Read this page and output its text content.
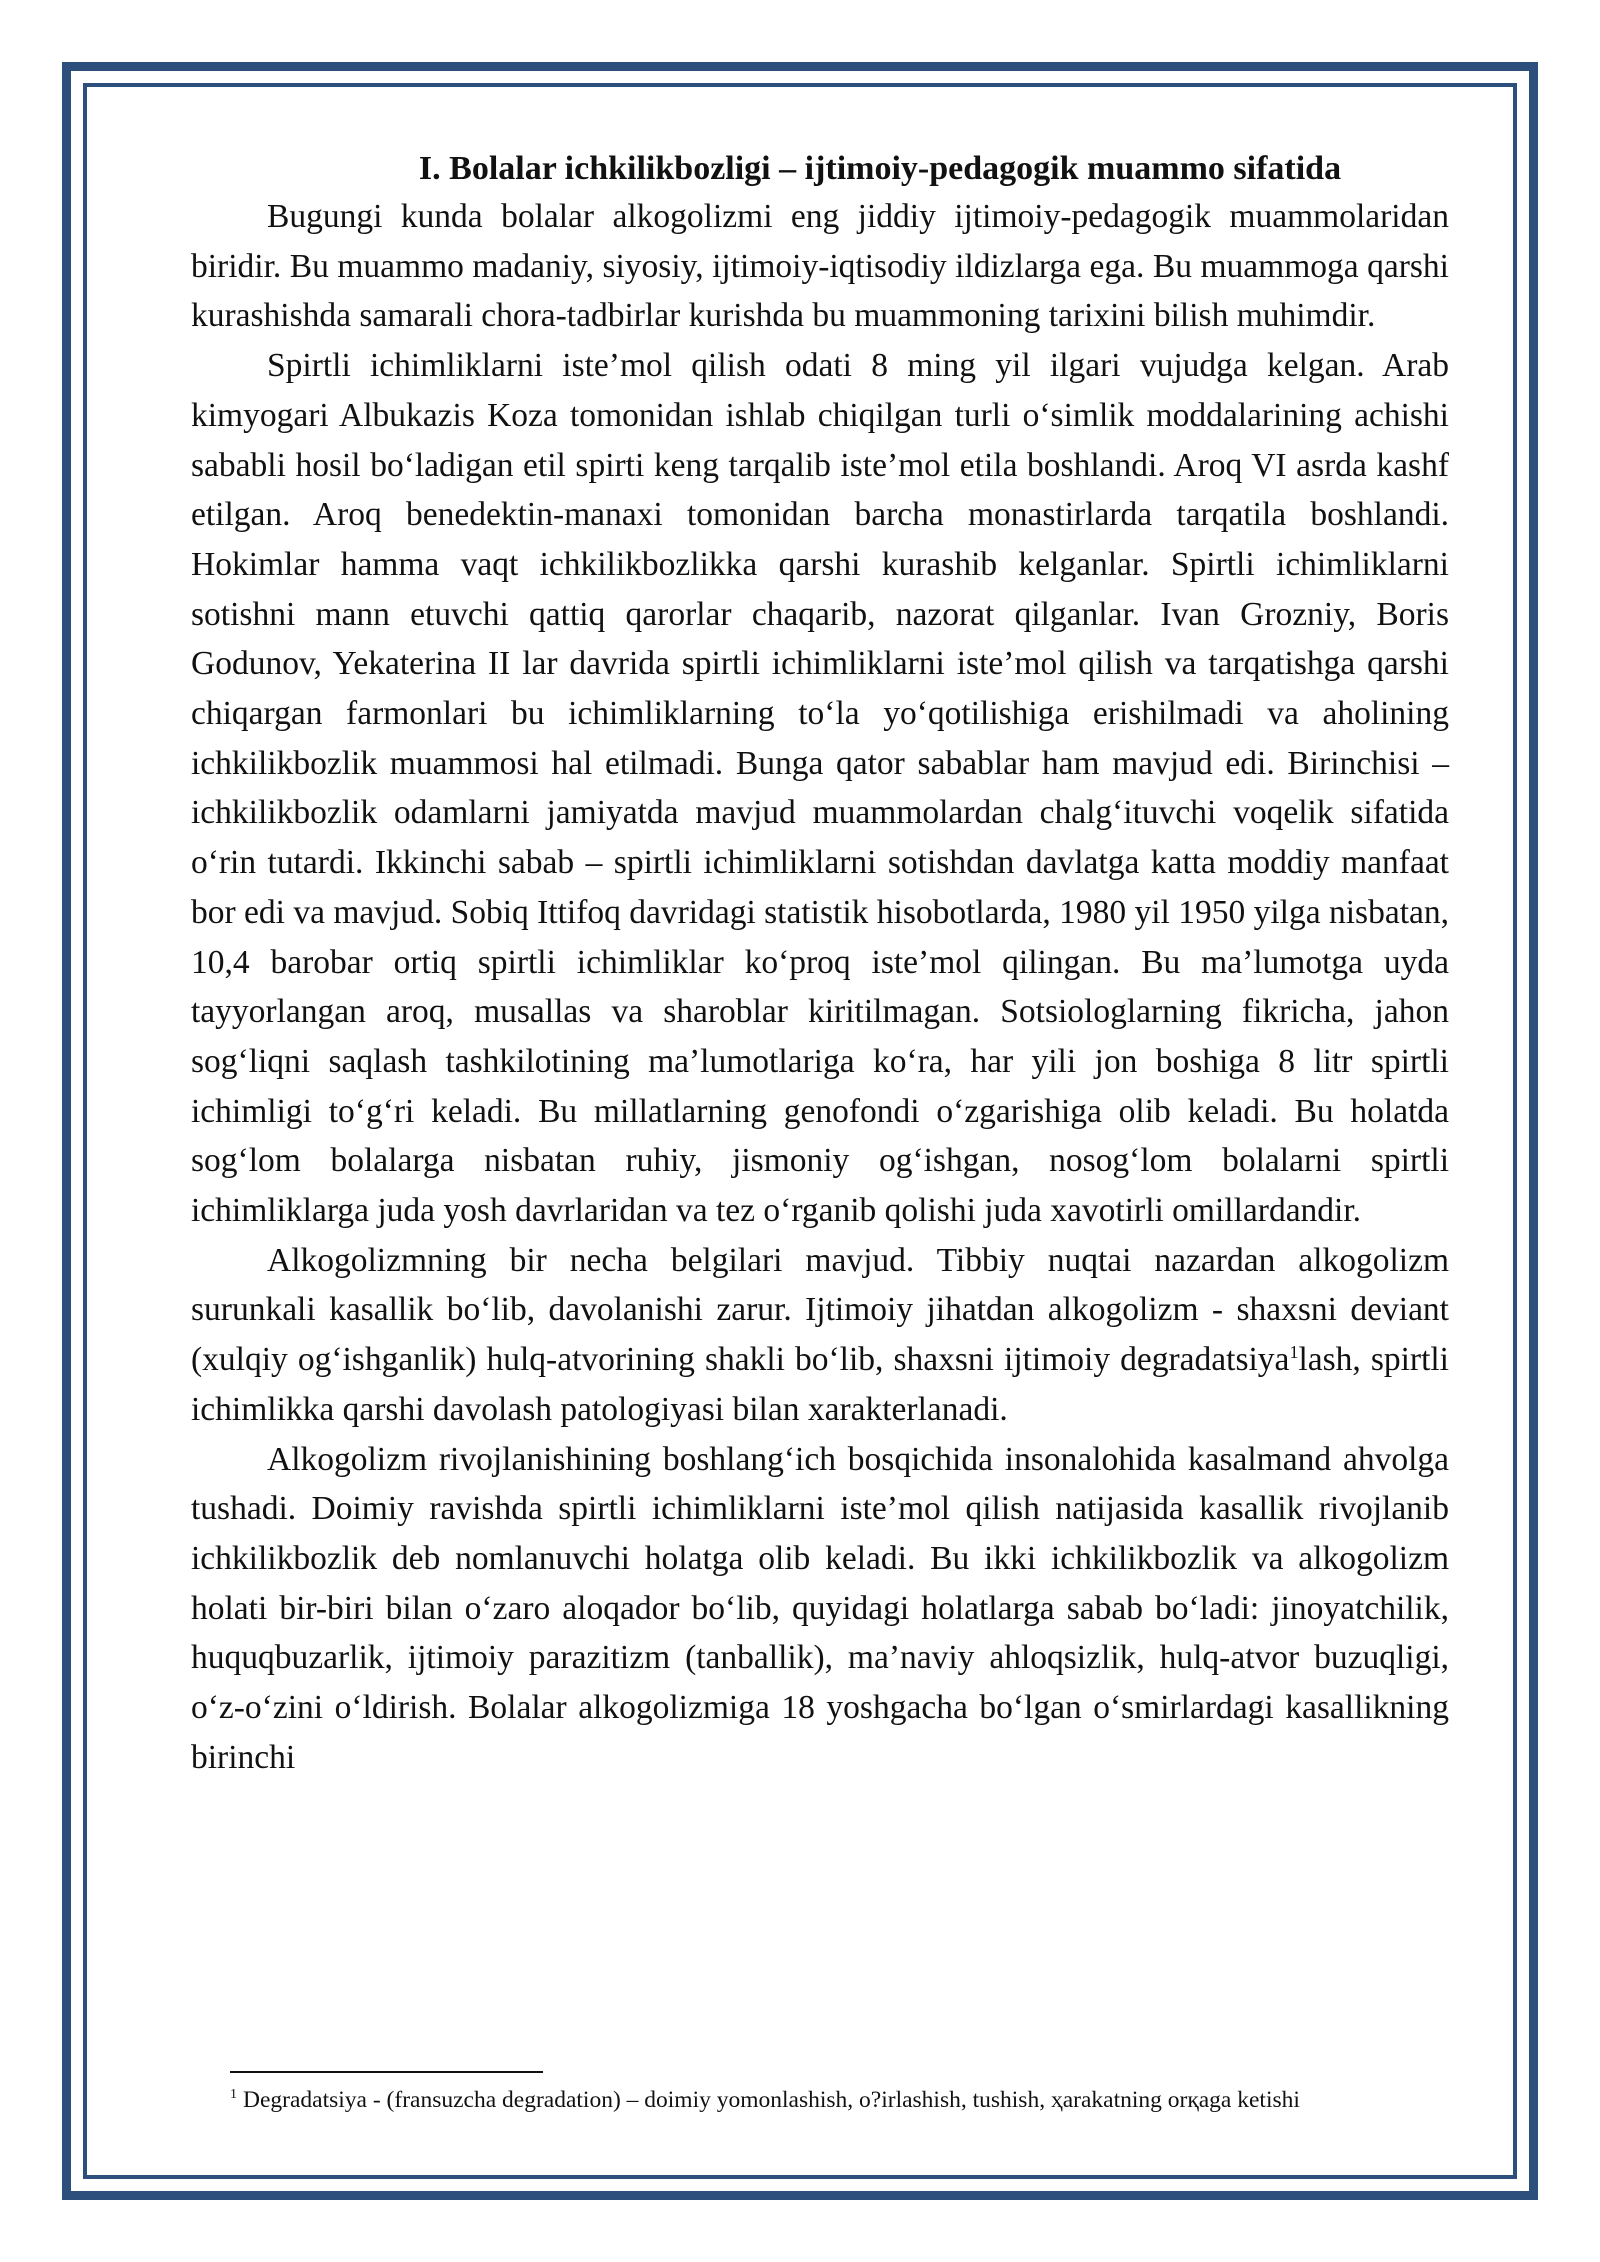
I. Bolalar ichkilikbozligi – ijtimoiy-pedagogik muammo sifatida

Bugungi kunda bolalar alkogolizmi eng jiddiy ijtimoiy-pedagogik muammolaridan biridir. Bu muammo madaniy, siyosiy, ijtimoiy-iqtisodiy ildizlarga ega. Bu muammoga qarshi kurashishda samarali chora-tadbirlar kurishda bu muammoning tarixini bilish muhimdir.

Spirtli ichimliklarni iste’mol qilish odati 8 ming yil ilgari vujudga kelgan. Arab kimyogari Albukazis Koza tomonidan ishlab chiqilgan turli o‘simlik moddalarining achishi sababli hosil bo‘ladigan etil spirti keng tarqalib iste’mol etila boshlandi. Aroq VI asrda kashf etilgan. Aroq benedektin-manaxi tomonidan barcha monastirlarda tarqatila boshlandi. Hokimlar hamma vaqt ichkilikbozlikka qarshi kurashib kelganlar. Spirtli ichimliklarni sotishni mann etuvchi qattiq qarorlar chaqarib, nazorat qilganlar. Ivan Grozniy, Boris Godunov, Yekaterina II lar davrida spirtli ichimliklarni iste’mol qilish va tarqatishga qarshi chiqargan farmonlari bu ichimliklarning to‘la yo‘qotilishiga erishilmadi va aholining ichkilikbozlik muammosi hal etilmadi. Bunga qator sabablar ham mavjud edi. Birinchisi – ichkilikbozlik odamlarni jamiyatda mavjud muammolardan chalg‘ituvchi voqelik sifatida o‘rin tutardi. Ikkinchi sabab – spirtli ichimliklarni sotishdan davlatga katta moddiy manfaat bor edi va mavjud. Sobiq Ittifoq davridagi statistik hisobotlarda, 1980 yil 1950 yilga nisbatan, 10,4 barobar ortiq spirtli ichimliklar ko‘proq iste’mol qilingan. Bu ma’lumotga uyda tayyorlangan aroq, musallas va sharoblar kiritilmagan. Sotsiologlarning fikricha, jahon sog‘liqni saqlash tashkilotining ma’lumotlariga ko‘ra, har yili jon boshiga 8 litr spirtli ichimligi to‘g‘ri keladi. Bu millatlarning genofondi o‘zgarishiga olib keladi. Bu holatda sog‘lom bolalarga nisbatan ruhiy, jismoniy og‘ishgan, nosog‘lom bolalarni spirtli ichimliklarga juda yosh davrlaridan va tez o‘rganib qolishi juda xavotirli omillardandir.

Alkogolizmning bir necha belgilari mavjud. Tibbiy nuqtai nazardan alkogolizm surunkali kasallik bo‘lib, davolanishi zarur. Ijtimoiy jihatdan alkogolizm - shaxsni deviant (xulqiy og‘ishganlik) hulq-atvorining shakli bo‘lib, shaxsni ijtimoiy degradatsiya$^1$lash, spirtli ichimlikka qarshi davolash patologiyasi bilan xarakterlanadi.

Alkogolizm rivojlanishining boshlang‘ich bosqichida insonalohida kasalmand ahvolga tushadi. Doimiy ravishda spirtli ichimliklarni iste’mol qilish natijasida kasallik rivojlanib ichkilikbozlik deb nomlanuvchi holatga olib keladi. Bu ikki ichkilikbozlik va alkogolizm holati bir-biri bilan o‘zaro aloqador bo‘lib, quyidagi holatlarga sabab bo‘ladi: jinoyatchilik, huquqbuzarlik, ijtimoiy parazitizm (tanballik), ma’naviy ahloqsizlik, hulq-atvor buzuqligi, o‘z-o‘zini o‘ldirish. Bolalar alkogolizmiga 18 yoshgacha bo‘lgan o‘smirlardagi kasallikning birinchi

$^1$ Degradatsiya - (fransuzcha degradation) – doimiy yomonlashish, o?irlashish, tushish, ҳаrаkаtning orқаgа ketishi
